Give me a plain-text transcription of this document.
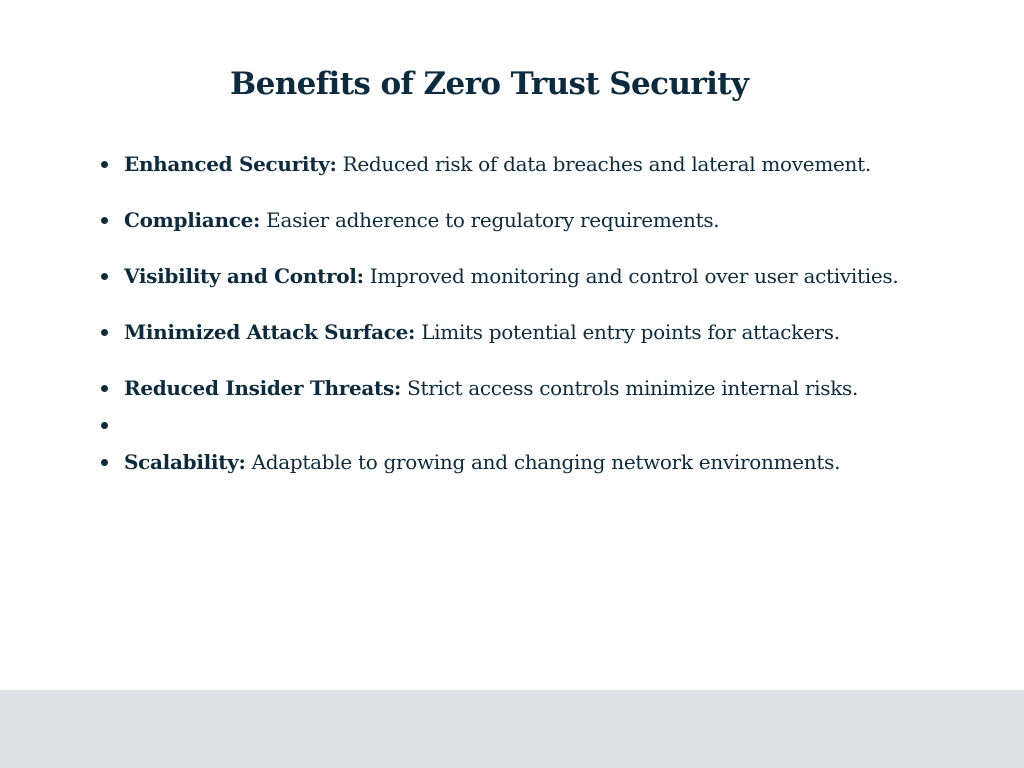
Benefits of Zero Trust Security
Enhanced Security: Reduced risk of data breaches and lateral movement.
Compliance: Easier adherence to regulatory requirements.
Visibility and Control: Improved monitoring and control over user activities.
Minimized Attack Surface: Limits potential entry points for attackers.
Reduced Insider Threats: Strict access controls minimize internal risks.
Scalability: Adaptable to growing and changing network environments.
